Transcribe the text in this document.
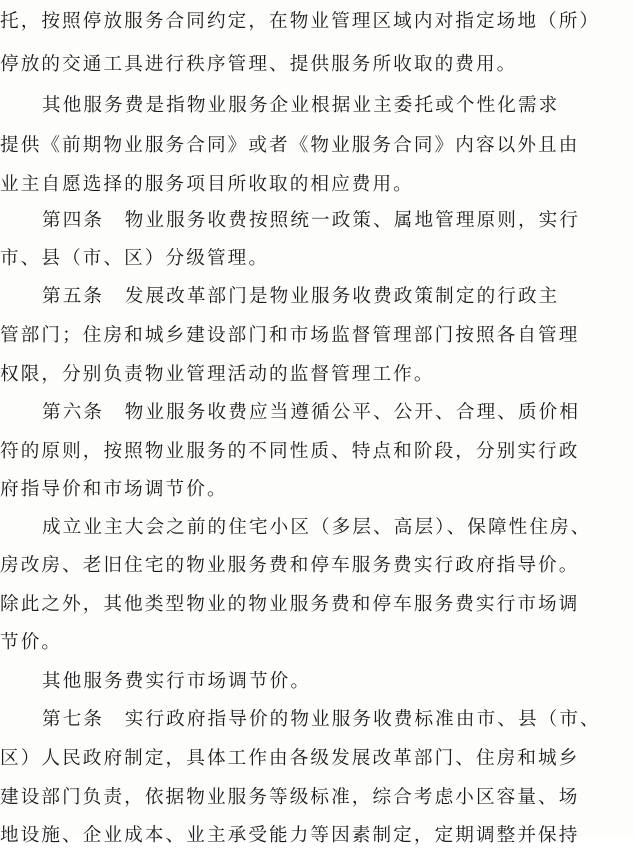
托，按照停放服务合同约定，在物业管理区域内对指定场地（所）
停放的交通工具进行秩序管理、提供服务所收取的费用。
其他服务费是指物业服务企业根据业主委托或个性化需求
提供《前期物业服务合同》或者《物业服务合同》内容以外且由
业主自愿选择的服务项目所收取的相应费用。
第四条　物业服务收费按照统一政策、属地管理原则，实行
市、县（市、区）分级管理。
第五条　发展改革部门是物业服务收费政策制定的行政主
管部门；住房和城乡建设部门和市场监督管理部门按照各自管理
权限，分别负责物业管理活动的监督管理工作。
第六条　物业服务收费应当遵循公平、公开、合理、质价相
符的原则，按照物业服务的不同性质、特点和阶段，分别实行政
府指导价和市场调节价。
成立业主大会之前的住宅小区（多层、高层）、保障性住房、
房改房、老旧住宅的物业服务费和停车服务费实行政府指导价。
除此之外，其他类型物业的物业服务费和停车服务费实行市场调
节价。
其他服务费实行市场调节价。
第七条　实行政府指导价的物业服务收费标准由市、县（市、
区）人民政府制定，具体工作由各级发展改革部门、住房和城乡
建设部门负责，依据物业服务等级标准，综合考虑小区容量、场
地设施、企业成本、业主承受能力等因素制定，定期调整并保持
